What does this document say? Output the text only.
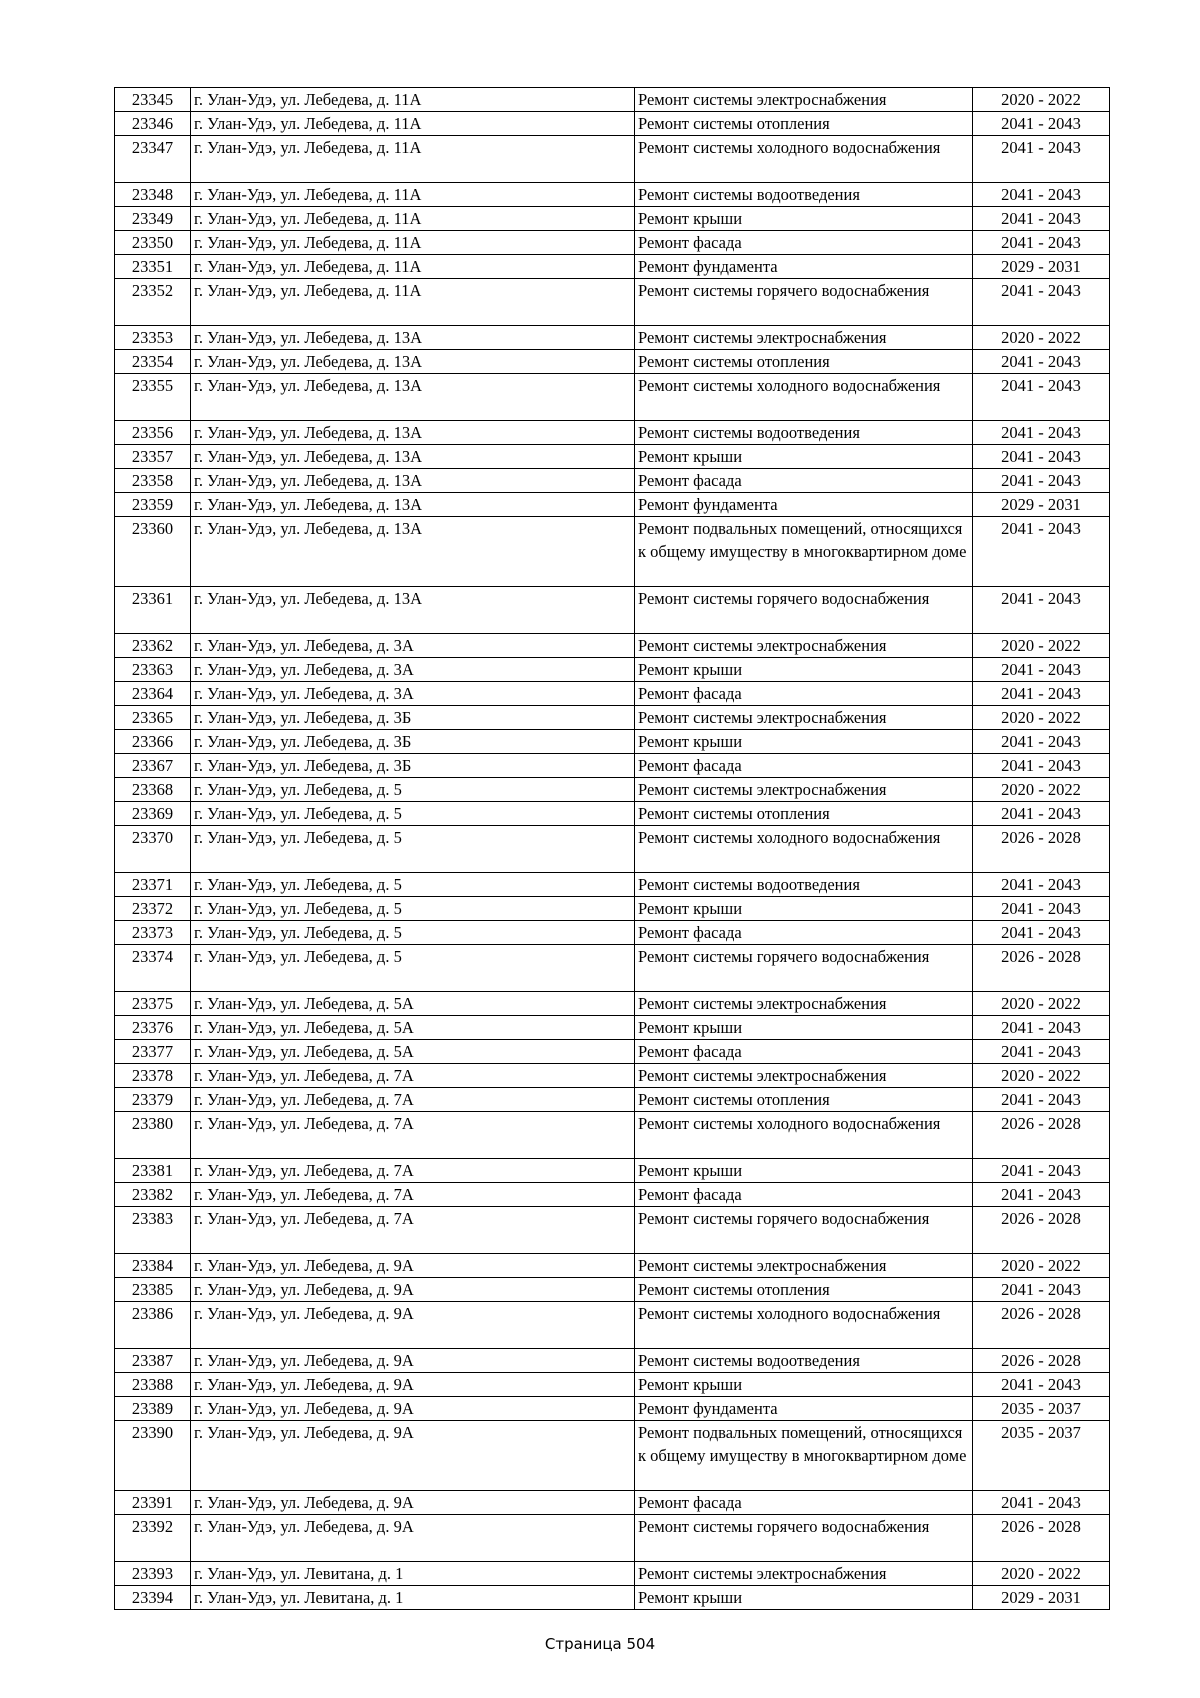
23345	г. Улан-Удэ, ул. Лебедева, д. 11А	Ремонт системы электроснабжения	2020 - 2022
23346	г. Улан-Удэ, ул. Лебедева, д. 11А	Ремонт системы отопления	2041 - 2043
23347	г. Улан-Удэ, ул. Лебедева, д. 11А	Ремонт системы холодного водоснабжения	2041 - 2043
23348	г. Улан-Удэ, ул. Лебедева, д. 11А	Ремонт системы водоотведения	2041 - 2043
23349	г. Улан-Удэ, ул. Лебедева, д. 11А	Ремонт крыши	2041 - 2043
23350	г. Улан-Удэ, ул. Лебедева, д. 11А	Ремонт фасада	2041 - 2043
23351	г. Улан-Удэ, ул. Лебедева, д. 11А	Ремонт фундамента	2029 - 2031
23352	г. Улан-Удэ, ул. Лебедева, д. 11А	Ремонт системы горячего водоснабжения	2041 - 2043
23353	г. Улан-Удэ, ул. Лебедева, д. 13А	Ремонт системы электроснабжения	2020 - 2022
23354	г. Улан-Удэ, ул. Лебедева, д. 13А	Ремонт системы отопления	2041 - 2043
23355	г. Улан-Удэ, ул. Лебедева, д. 13А	Ремонт системы холодного водоснабжения	2041 - 2043
23356	г. Улан-Удэ, ул. Лебедева, д. 13А	Ремонт системы водоотведения	2041 - 2043
23357	г. Улан-Удэ, ул. Лебедева, д. 13А	Ремонт крыши	2041 - 2043
23358	г. Улан-Удэ, ул. Лебедева, д. 13А	Ремонт фасада	2041 - 2043
23359	г. Улан-Удэ, ул. Лебедева, д. 13А	Ремонт фундамента	2029 - 2031
23360	г. Улан-Удэ, ул. Лебедева, д. 13А	Ремонт подвальных помещений, относящихся к общему имуществу в многоквартирном доме	2041 - 2043
23361	г. Улан-Удэ, ул. Лебедева, д. 13А	Ремонт системы горячего водоснабжения	2041 - 2043
23362	г. Улан-Удэ, ул. Лебедева, д. 3А	Ремонт системы электроснабжения	2020 - 2022
23363	г. Улан-Удэ, ул. Лебедева, д. 3А	Ремонт крыши	2041 - 2043
23364	г. Улан-Удэ, ул. Лебедева, д. 3А	Ремонт фасада	2041 - 2043
23365	г. Улан-Удэ, ул. Лебедева, д. 3Б	Ремонт системы электроснабжения	2020 - 2022
23366	г. Улан-Удэ, ул. Лебедева, д. 3Б	Ремонт крыши	2041 - 2043
23367	г. Улан-Удэ, ул. Лебедева, д. 3Б	Ремонт фасада	2041 - 2043
23368	г. Улан-Удэ, ул. Лебедева, д. 5	Ремонт системы электроснабжения	2020 - 2022
23369	г. Улан-Удэ, ул. Лебедева, д. 5	Ремонт системы отопления	2041 - 2043
23370	г. Улан-Удэ, ул. Лебедева, д. 5	Ремонт системы холодного водоснабжения	2026 - 2028
23371	г. Улан-Удэ, ул. Лебедева, д. 5	Ремонт системы водоотведения	2041 - 2043
23372	г. Улан-Удэ, ул. Лебедева, д. 5	Ремонт крыши	2041 - 2043
23373	г. Улан-Удэ, ул. Лебедева, д. 5	Ремонт фасада	2041 - 2043
23374	г. Улан-Удэ, ул. Лебедева, д. 5	Ремонт системы горячего водоснабжения	2026 - 2028
23375	г. Улан-Удэ, ул. Лебедева, д. 5А	Ремонт системы электроснабжения	2020 - 2022
23376	г. Улан-Удэ, ул. Лебедева, д. 5А	Ремонт крыши	2041 - 2043
23377	г. Улан-Удэ, ул. Лебедева, д. 5А	Ремонт фасада	2041 - 2043
23378	г. Улан-Удэ, ул. Лебедева, д. 7А	Ремонт системы электроснабжения	2020 - 2022
23379	г. Улан-Удэ, ул. Лебедева, д. 7А	Ремонт системы отопления	2041 - 2043
23380	г. Улан-Удэ, ул. Лебедева, д. 7А	Ремонт системы холодного водоснабжения	2026 - 2028
23381	г. Улан-Удэ, ул. Лебедева, д. 7А	Ремонт крыши	2041 - 2043
23382	г. Улан-Удэ, ул. Лебедева, д. 7А	Ремонт фасада	2041 - 2043
23383	г. Улан-Удэ, ул. Лебедева, д. 7А	Ремонт системы горячего водоснабжения	2026 - 2028
23384	г. Улан-Удэ, ул. Лебедева, д. 9А	Ремонт системы электроснабжения	2020 - 2022
23385	г. Улан-Удэ, ул. Лебедева, д. 9А	Ремонт системы отопления	2041 - 2043
23386	г. Улан-Удэ, ул. Лебедева, д. 9А	Ремонт системы холодного водоснабжения	2026 - 2028
23387	г. Улан-Удэ, ул. Лебедева, д. 9А	Ремонт системы водоотведения	2026 - 2028
23388	г. Улан-Удэ, ул. Лебедева, д. 9А	Ремонт крыши	2041 - 2043
23389	г. Улан-Удэ, ул. Лебедева, д. 9А	Ремонт фундамента	2035 - 2037
23390	г. Улан-Удэ, ул. Лебедева, д. 9А	Ремонт подвальных помещений, относящихся к общему имуществу в многоквартирном доме	2035 - 2037
23391	г. Улан-Удэ, ул. Лебедева, д. 9А	Ремонт фасада	2041 - 2043
23392	г. Улан-Удэ, ул. Лебедева, д. 9А	Ремонт системы горячего водоснабжения	2026 - 2028
23393	г. Улан-Удэ, ул. Левитана, д. 1	Ремонт системы электроснабжения	2020 - 2022
23394	г. Улан-Удэ, ул. Левитана, д. 1	Ремонт крыши	2029 - 2031
Страница 504
